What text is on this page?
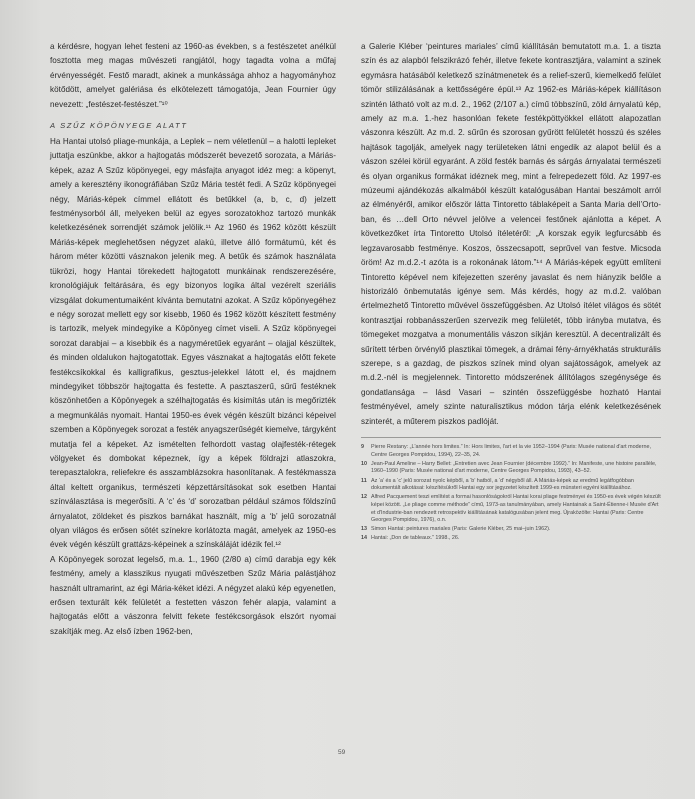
a kérdésre, hogyan lehet festeni az 1960-as években, s a festészetet anélkül fosztotta meg magas művészeti rangjától, hogy tagadta volna a műfaj érvényességét. Festő maradt, akinek a munkássága ahhoz a hagyományhoz kötődött, amelyet galériása és elkötelezett támogatója, Jean Fournier úgy nevezett: „festészet-festészet.”¹⁰

A SZŰZ KÖPÖNYEGE ALATT

Ha Hantai utolsó pliage-munkája, a Leplek – nem véletlenül – a halotti lepleket juttatja eszünkbe, akkor a hajtogatás módszerét bevezető sorozata, a Máriás-képek, azaz A Szűz köpönyegei, egy másfajta anyagot idéz meg: a köpenyt, amely a keresztény ikonográfiában Szűz Mária testét fedi. A Szűz köpönyegei négy, Máriás-képek címmel ellátott és betűkkel (a, b, c, d) jelzett festménysorból áll, melyeken belül az egyes sorozatokhoz tartozó munkák keletkezésének sorrendjét számok jelölik.¹¹ Az 1960 és 1962 között készült Máriás-képek meglehetősen négyzet alakú, illetve álló formátumú, két és három méter közötti vásznakon jelenik meg. A betűk és számok használata tükrözi, hogy Hantai törekedett hajtogatott munkáinak rendszerezésére, kronológiájuk feltárására, és egy bizonyos logika által vezérelt szeriális vizsgálat dokumentumaiként kívánta bemutatni azokat. A Szűz köpönyegéhez e négy sorozat mellett egy sor kisebb, 1960 és 1962 között készített festmény is tartozik, melyek mindegyike a Köpönyeg címet viseli. A Szűz köpönyegei sorozat darabjai – a kisebbik és a nagyméretűek egyaránt – olajjal készültek, és minden oldalukon hajtogatottak. Egyes vásznakat a hajtogatás előtt fekete festékcsíkokkal és kalligrafikus, gesztus-jelekkel látott el, és majdnem mindegyiket többször hajtogatta és festette. A pasztaszerű, sűrű festéknek köszönhetően a Köpönyegek a szélhajtogatás és kisimítás után is megőrizték a megmunkálás nyomait. Hantai 1950-es évek végén készült bizánci képeivel szemben a Köpönyegek sorozat a festék anyagszerűségét kiemelve, tárgyként mutatja fel a képeket. Az ismételten felhordott vastag olajfesték-rétegek völgyeket és dombokat képeznek, így a képek földrajzi atlaszokra, terepasztalokra, reliefekre és asszamblázsokra hasonlítanak. A festékmassza által keltett organikus, természeti képzettársításokat sok esetben Hantai színválasztása is megerősíti. A ‘c’ és ‘d’ sorozatban például számos földszínű árnyalatot, zöldeket és piszkos barnákat használt, míg a ‘b’ jelű sorozatnál olyan világos és erősen sötét színekre korlátozta magát, amelyek az 1950-es évek végén készült grattázs-képeinek a színskáláját idézik fel.¹²

A Köpönyegek sorozat legelső, m.a. 1., 1960 (2/80 a) című darabja egy kék festmény, amely a klasszikus nyugati művészetben Szűz Mária palástjához használt ultramarint, az égi Mária-kéket idézi. A négyzet alakú kép egyenetlen, erősen texturált kék felületét a festetten vászon fehér alapja, valamint a hajtogatás előtt a vászonra felvitt fekete festékcsorgások elszórt nyomai szakítják meg. Az első ízben 1962-ben,

a Galerie Kléber ‘peintures mariales’ című kiállításán bemutatott m.a. 1. a tiszta szín és az alapból felszikrázó fehér, illetve fekete kontrasztjára, valamint a szinek egymásra hatásából keletkező színátmenetek és a relief-szerű, kiemelkedő felület tömör stilizálásának a kettősségére épül.¹³ Az 1962-es Máriás-képek kiállításon szintén látható volt az m.d. 2., 1962 (2/107 a.) című többszínű, zöld árnyalatú kép, amely az m.a. 1.-hez hasonlóan fekete festékpöttyökkel ellátott alapozatlan vászonra készült. Az m.d. 2. sűrűn és szorosan gyűrött felületét hosszú és széles hajtások tagolják, amelyek nagy területeken látni engedik az alapot belül és a vászon szélei körül egyaránt. A zöld festék barnás és sárgás árnyalatai természeti és olyan organikus formákat idéznek meg, mint a felrepedezett föld. Az 1997-es múzeumi ajándékozás alkalmából készült katalógusában Hantai beszámolt arról az élményéről, amikor először látta Tintoretto táblaképeit a Santa Maria dell’Orto-ban, és …dell Orto névvel jelölve a velencei festőnek ajánlotta a képet. A következőket írta Tintoretto Utolsó ítéletéről: „A korszak egyik legfurcsább és legzavarosabb festménye. Koszos, összecsapott, seprűvel van festve. Micsoda öröm! Az m.d.2.-t azóta is a rokonának látom.”¹⁴ A Máriás-képek együtt említeni Tintoretto képével nem kifejezetten szerény javaslat és nem hiányzik belőle a historizáló önbemutatás igénye sem. Más kérdés, hogy az m.d.2. valóban értelmezhető Tintoretto művével összefüggésben. Az Utolsó ítélet világos és sötét kontrasztjai robbanásszerűen szervezik meg felületét, több irányba mutatva, és tömegeket mozgatva a monumentális vászon síkján keresztül. A decentralizált és sűrített térben örvénylő plasztikai tömegek, a drámai fény-árnyékhatás strukturális szerepe, s a gazdag, de piszkos színek mind olyan sajátosságok, amelyek az m.d.2.-nél is megjelennek. Tintoretto módszerének állítólagos szegénysége és gondatlansága – lásd Vasari – szintén összefüggésbe hozható Hantai festményével, amely szinte naturalisztikus módon tárja elénk keletkezésének szinterét, a műterem piszkos padlóját.

9	Pierre Restany: „L'année hors limites.” In: Hors limites, l'art et la vie 1952–1994 (Paris: Musée national d'art moderne, Centre Georges Pompidou, 1994), 22–35, 24.
10 Jean-Paul Ameline – Harry Bellet: „Entretien avec Jean Fournier (décembre 1992).” In: Manifeste, une histoire parallèle, 1960–1990 (Paris: Musée national d'art moderne, Centre Georges Pompidou, 1993), 43–52.
11 Az ‘a’ és a ‘c’ jelű sorozat nyolc képből, a ‘b’ hatból, a ‘d’ négyből áll. A Máriás-képek az eredmű legátfogóbban dokumentált alkotásai: készítésükről Hantai egy sor jegyzetet készített 1999-es münsteri egyéni kiállításához.
12 Alfred Pacquement teszi említést a formai hasonlóságokról Hantai korai pliage festményei és 1950-es évek végén készült képei között. „Le pliage comme méthode” című, 1973-as tanulmányában, amely Hantainak a Saint-Étienne-i Musée d'Art et d'Industrie-ban rendezett retrospektív kiállításának katalógusában jelent meg. Újraközölte: Hantai (Paris: Centre Georges Pompidou, 1976), o.n.
13 Simon Hantai: peintures mariales (Paris: Galerie Kléber, 25 mai–juin 1962).
14 Hantai: „Don de tableaux.” 1998., 26.
59
